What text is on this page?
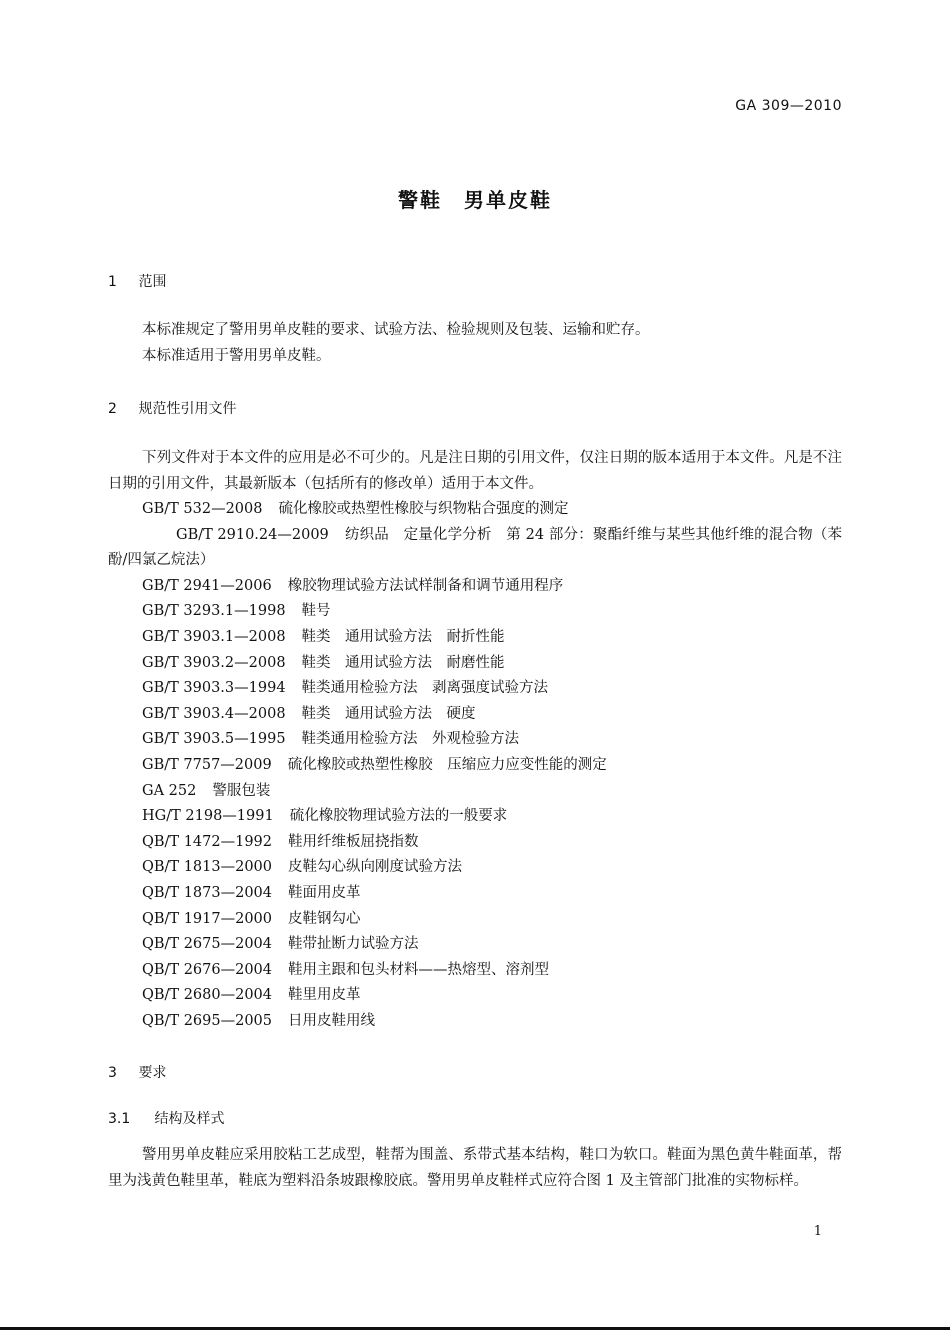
GA 309—2010
警鞋　男单皮鞋
1 范围
本标准规定了警用男单皮鞋的要求、试验方法、检验规则及包装、运输和贮存。
本标准适用于警用男单皮鞋。
2 规范性引用文件
下列文件对于本文件的应用是必不可少的。凡是注日期的引用文件，仅注日期的版本适用于本文件。凡是不注日期的引用文件，其最新版本（包括所有的修改单）适用于本文件。
GB/T 532—2008 硫化橡胶或热塑性橡胶与织物粘合强度的测定
GB/T 2910.24—2009 纺织品　定量化学分析　第 24 部分：聚酯纤维与某些其他纤维的混合物（苯酚/四氯乙烷法）
GB/T 2941—2006 橡胶物理试验方法试样制备和调节通用程序
GB/T 3293.1—1998 鞋号
GB/T 3903.1—2008 鞋类　通用试验方法　耐折性能
GB/T 3903.2—2008 鞋类　通用试验方法　耐磨性能
GB/T 3903.3—1994 鞋类通用检验方法　剥离强度试验方法
GB/T 3903.4—2008 鞋类　通用试验方法　硬度
GB/T 3903.5—1995 鞋类通用检验方法　外观检验方法
GB/T 7757—2009 硫化橡胶或热塑性橡胶　压缩应力应变性能的测定
GA 252 警服包装
HG/T 2198—1991 硫化橡胶物理试验方法的一般要求
QB/T 1472—1992 鞋用纤维板屈挠指数
QB/T 1813—2000 皮鞋勾心纵向刚度试验方法
QB/T 1873—2004 鞋面用皮革
QB/T 1917—2000 皮鞋钢勾心
QB/T 2675—2004 鞋带扯断力试验方法
QB/T 2676—2004 鞋用主跟和包头材料——热熔型、溶剂型
QB/T 2680—2004 鞋里用皮革
QB/T 2695—2005 日用皮鞋用线
3 要求
3.1 结构及样式
警用男单皮鞋应采用胶粘工艺成型，鞋帮为围盖、系带式基本结构，鞋口为软口。鞋面为黑色黄牛鞋面革，帮里为浅黄色鞋里革，鞋底为塑料沿条坡跟橡胶底。警用男单皮鞋样式应符合图 1 及主管部门批准的实物标样。
1
